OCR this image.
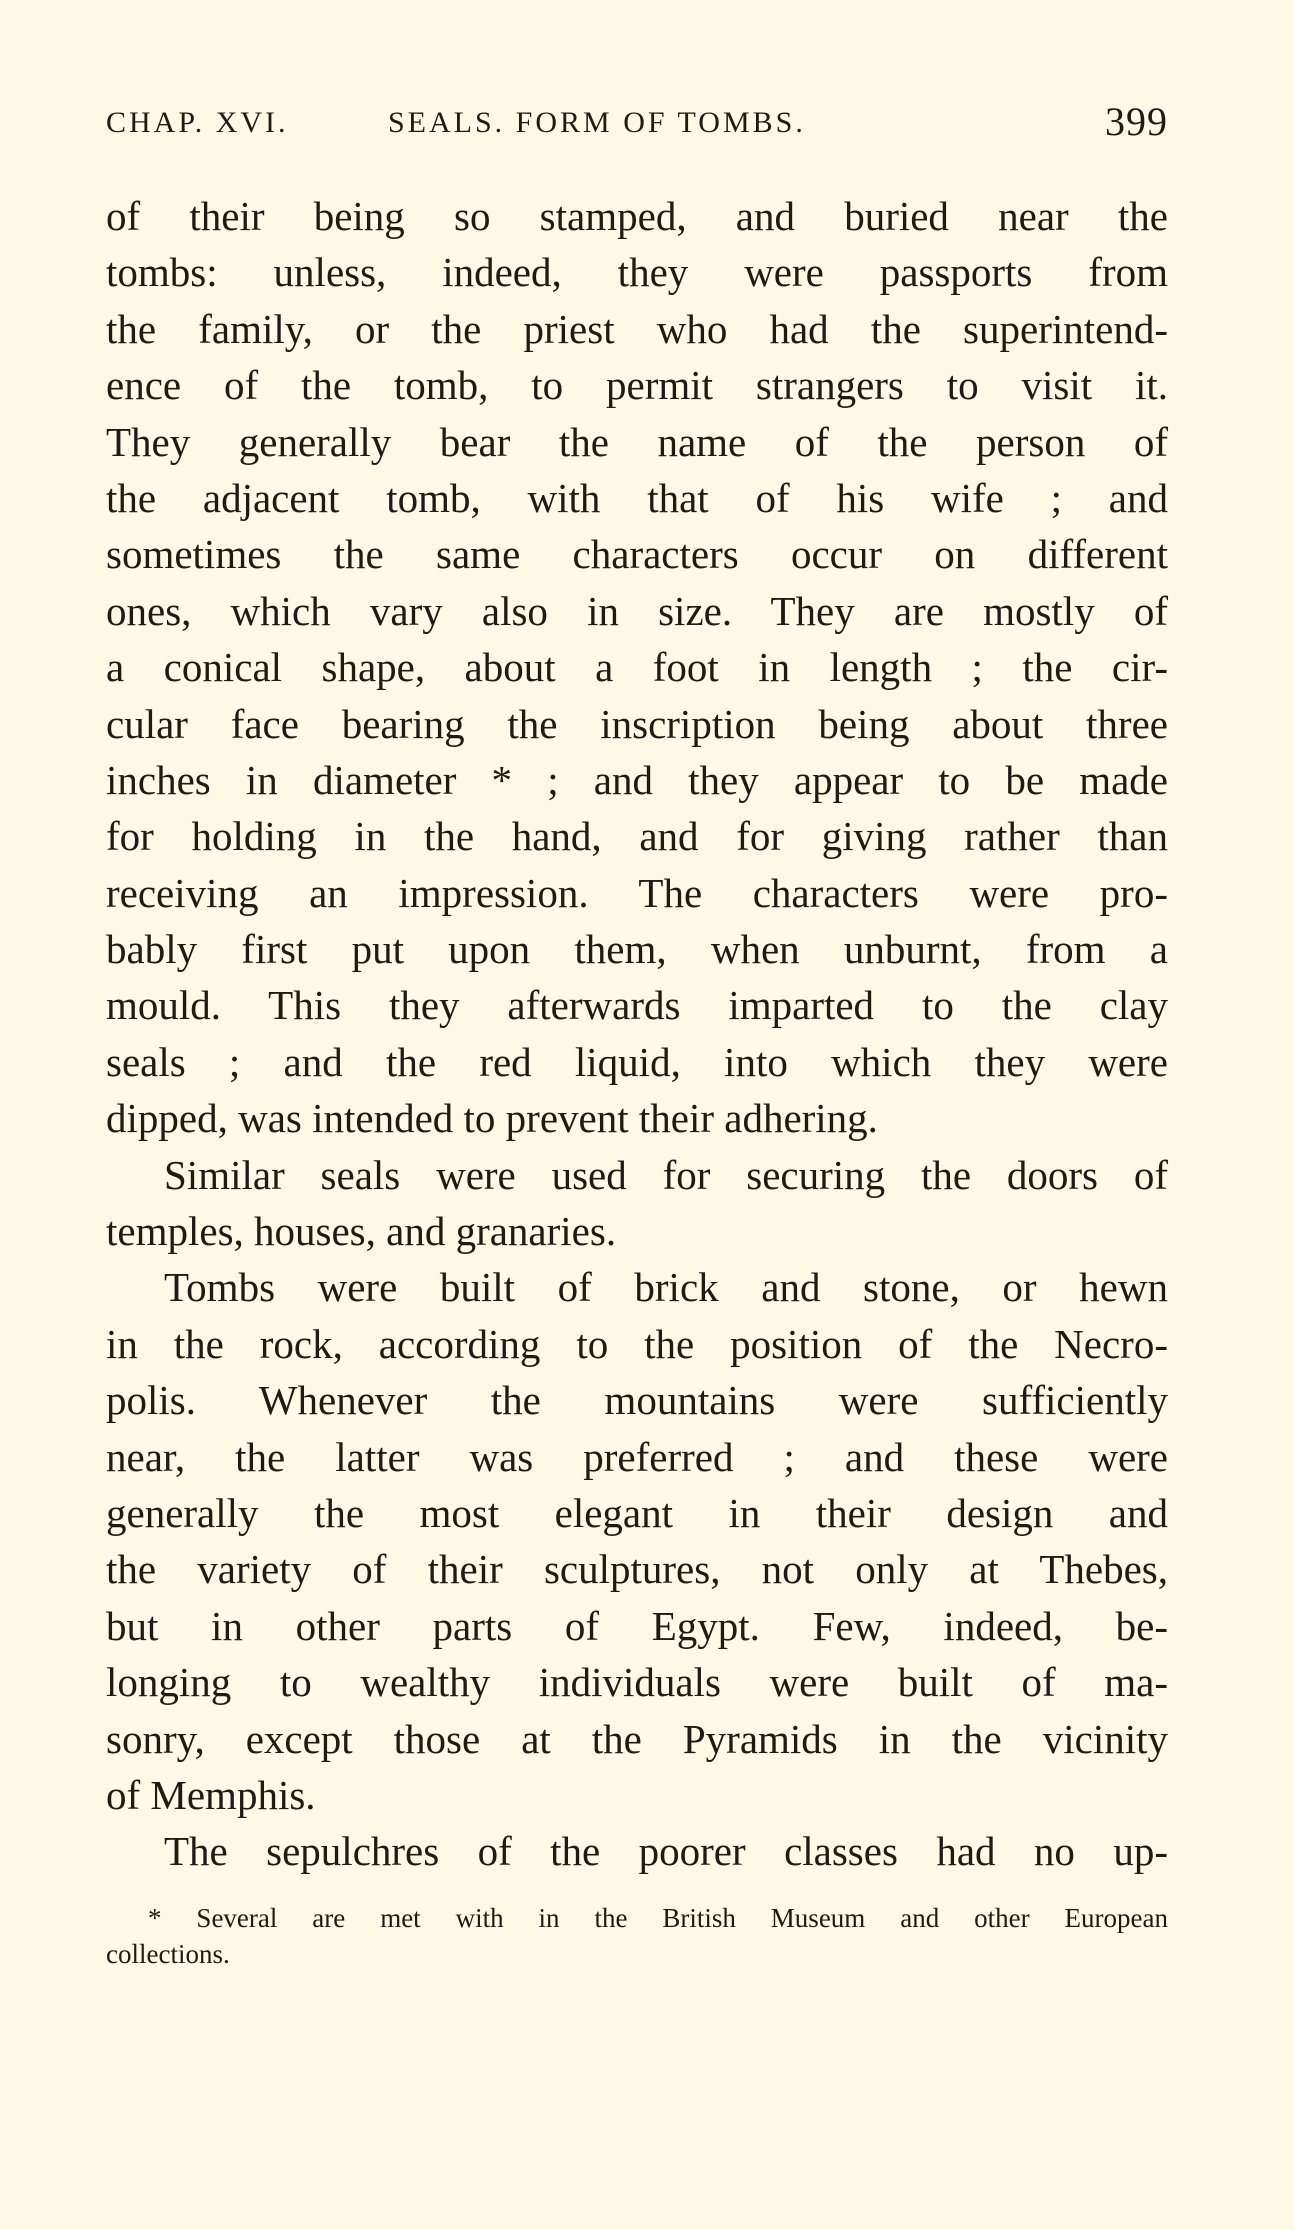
CHAP. XVI.	SEALS. FORM OF TOMBS.	399
of their being so stamped, and buried near the
tombs: unless, indeed, they were passports from
the family, or the priest who had the superintend-
ence of the tomb, to permit strangers to visit it.
They generally bear the name of the person of
the adjacent tomb, with that of his wife ; and
sometimes the same characters occur on different
ones, which vary also in size. They are mostly of
a conical shape, about a foot in length ; the cir-
cular face bearing the inscription being about three
inches in diameter * ; and they appear to be made
for holding in the hand, and for giving rather than
receiving an impression. The characters were pro-
bably first put upon them, when unburnt, from a
mould. This they afterwards imparted to the clay
seals ; and the red liquid, into which they were
dipped, was intended to prevent their adhering.
Similar seals were used for securing the doors of
temples, houses, and granaries.
Tombs were built of brick and stone, or hewn
in the rock, according to the position of the Necro-
polis. Whenever the mountains were sufficiently
near, the latter was preferred ; and these were
generally the most elegant in their design and
the variety of their sculptures, not only at Thebes,
but in other parts of Egypt. Few, indeed, be-
longing to wealthy individuals were built of ma-
sonry, except those at the Pyramids in the vicinity
of Memphis.
The sepulchres of the poorer classes had no up-
* Several are met with in the British Museum and other European
collections.
